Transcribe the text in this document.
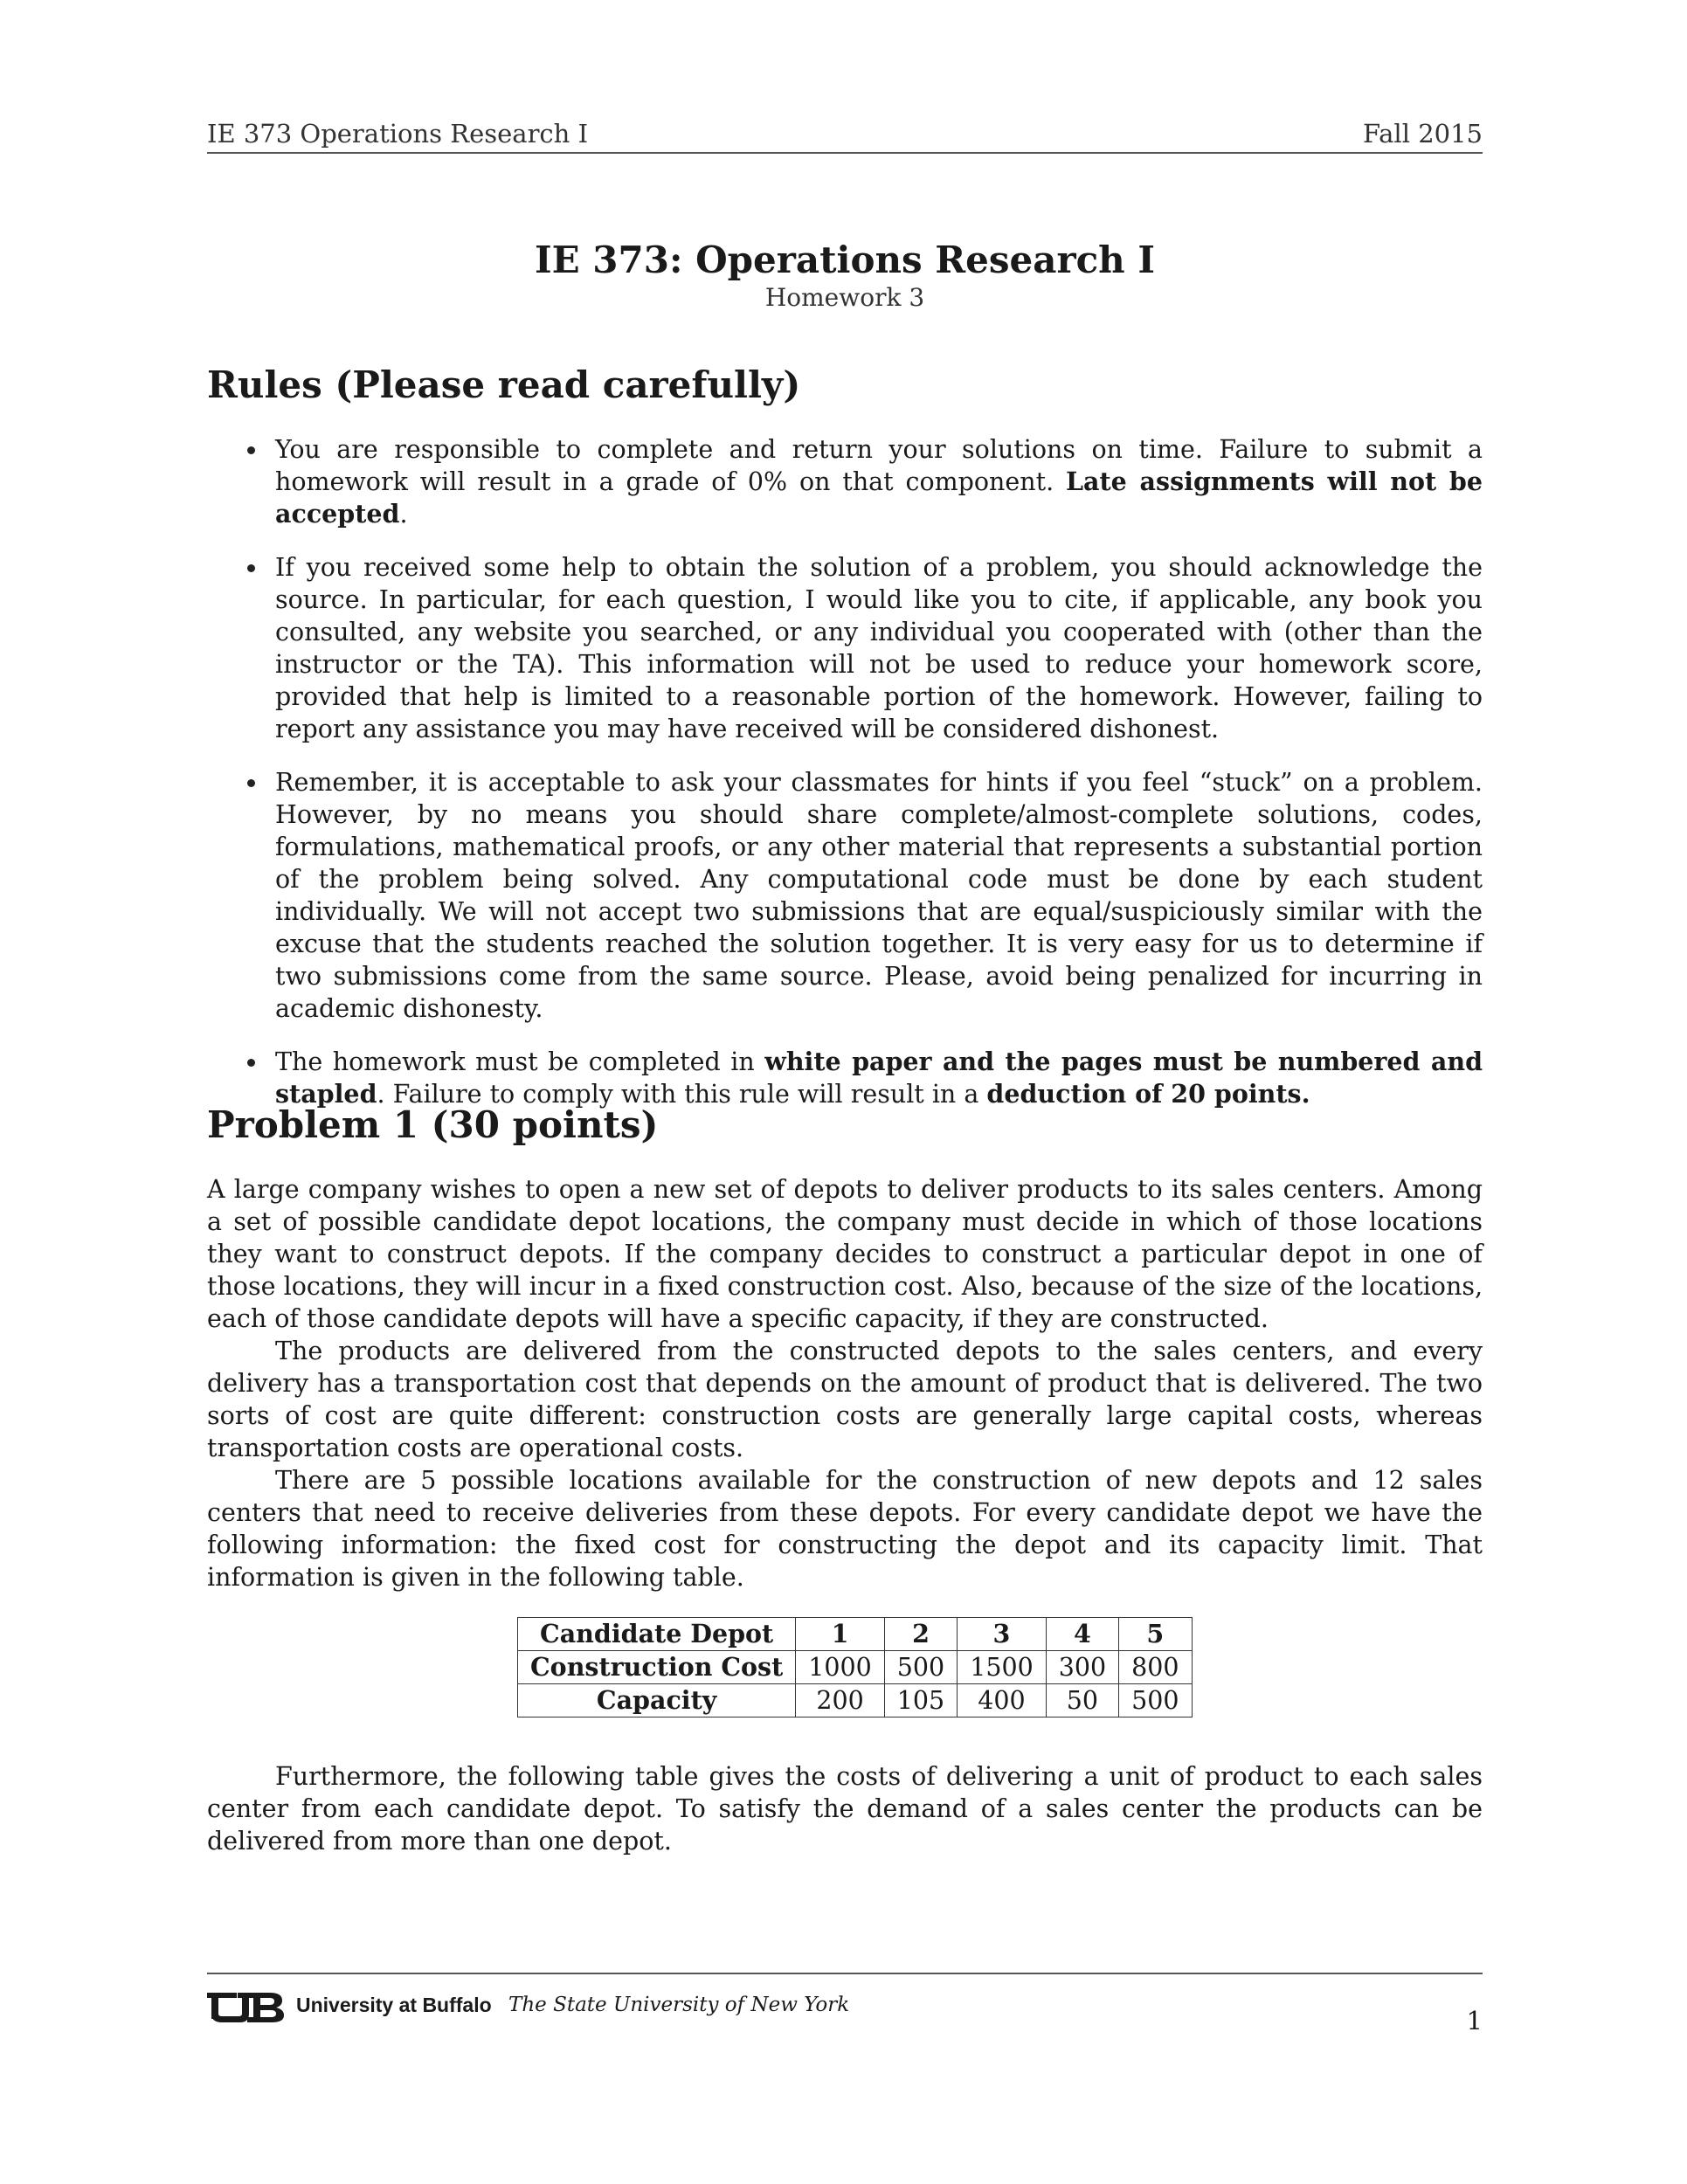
IE 373 Operations Research I	Fall 2015
IE 373: Operations Research I

Homework 3

Rules (Please read carefully)
You are responsible to complete and return your solutions on time. Failure to submit a homework will result in a grade of 0% on that component. Late assignments will not be accepted.
If you received some help to obtain the solution of a problem, you should acknowledge the source. In particular, for each question, I would like you to cite, if applicable, any book you consulted, any website you searched, or any individual you cooperated with (other than the instructor or the TA). This information will not be used to reduce your homework score, provided that help is limited to a reasonable portion of the homework. However, failing to report any assistance you may have received will be considered dishonest.
Remember, it is acceptable to ask your classmates for hints if you feel “stuck” on a problem. However, by no means you should share complete/almost-complete solutions, codes, formulations, mathematical proofs, or any other material that represents a substantial portion of the problem being solved. Any computational code must be done by each student individually. We will not accept two submissions that are equal/suspiciously similar with the excuse that the students reached the solution together. It is very easy for us to determine if two submissions come from the same source. Please, avoid being penalized for incurring in academic dishonesty.
The homework must be completed in white paper and the pages must be numbered and stapled. Failure to comply with this rule will result in a deduction of 20 points.
Problem 1 (30 points)

A large company wishes to open a new set of depots to deliver products to its sales centers. Among a set of possible candidate depot locations, the company must decide in which of those locations they want to construct depots. If the company decides to construct a particular depot in one of those locations, they will incur in a fixed construction cost. Also, because of the size of the locations, each of those candidate depots will have a specific capacity, if they are constructed.

The products are delivered from the constructed depots to the sales centers, and every delivery has a transportation cost that depends on the amount of product that is delivered. The two sorts of cost are quite different: construction costs are generally large capital costs, whereas transportation costs are operational costs.

There are 5 possible locations available for the construction of new depots and 12 sales centers that need to receive deliveries from these depots. For every candidate depot we have the following information: the fixed cost for constructing the depot and its capacity limit. That information is given in the following table.

Candidate Depot	1	2	3	4	5
Construction Cost	1000	500	1500	300	800
Capacity	200	105	400	50	500

Furthermore, the following table gives the costs of delivering a unit of product to each sales center from each candidate depot. To satisfy the demand of a sales center the products can be delivered from more than one depot.

University at Buffalo The State University of New York
1
